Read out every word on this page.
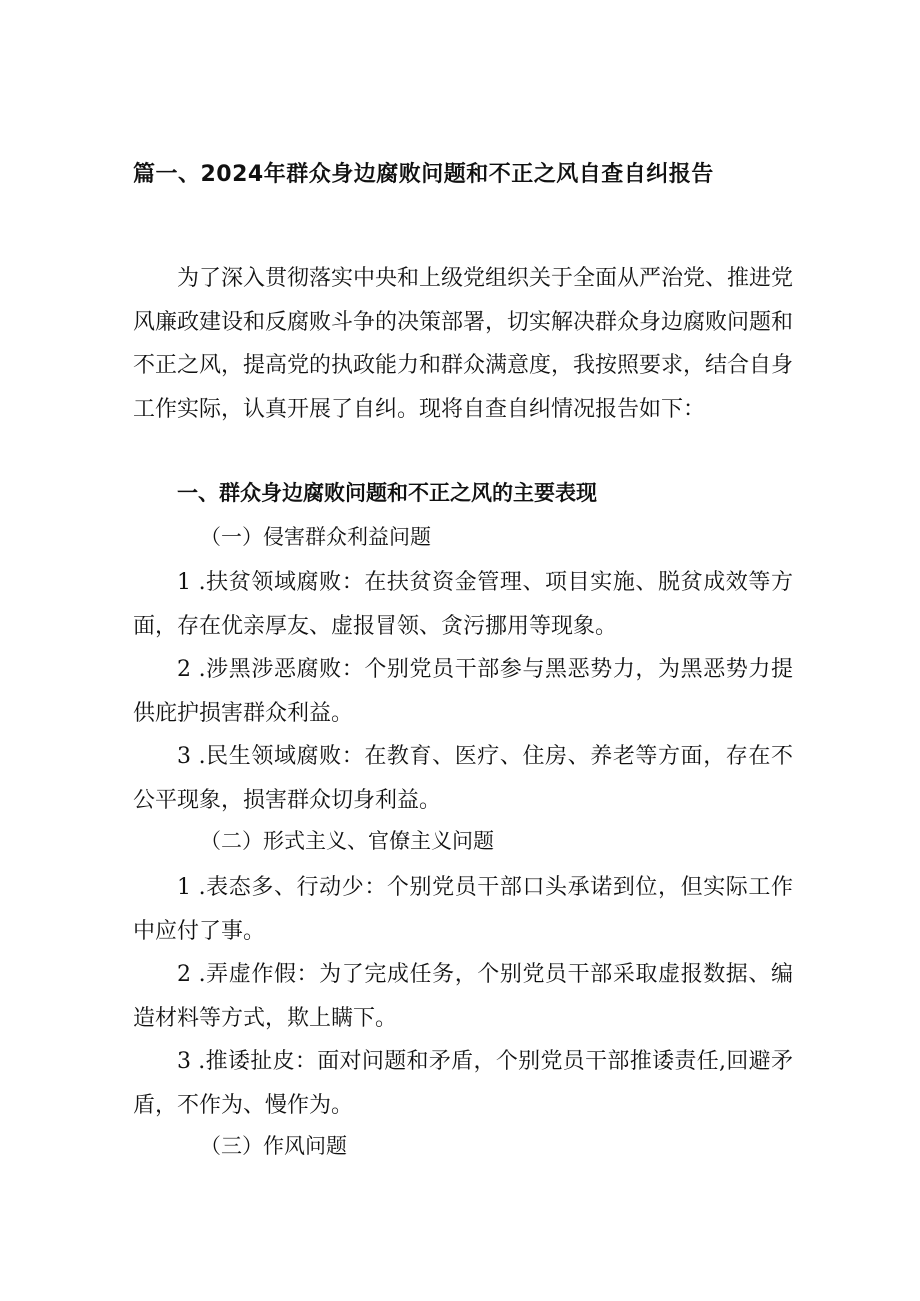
篇一、2024年群众身边腐败问题和不正之风自查自纠报告

为了深入贯彻落实中央和上级党组织关于全面从严治党、推进党风廉政建设和反腐败斗争的决策部署，切实解决群众身边腐败问题和不正之风，提高党的执政能力和群众满意度，我按照要求，结合自身工作实际，认真开展了自纠。现将自查自纠情况报告如下：

一、群众身边腐败问题和不正之风的主要表现
（一）侵害群众利益问题

1 .扶贫领域腐败：在扶贫资金管理、项目实施、脱贫成效等方面，存在优亲厚友、虚报冒领、贪污挪用等现象。

2 .涉黑涉恶腐败：个别党员干部参与黑恶势力，为黑恶势力提供庇护损害群众利益。

3 .民生领域腐败：在教育、医疗、住房、养老等方面，存在不公平现象，损害群众切身利益。

（二）形式主义、官僚主义问题

1 .表态多、行动少：个别党员干部口头承诺到位，但实际工作中应付了事。

2 .弄虚作假：为了完成任务，个别党员干部采取虚报数据、编造材料等方式，欺上瞒下。

3 .推诿扯皮：面对问题和矛盾，个别党员干部推诿责任,回避矛盾，不作为、慢作为。

（三）作风问题
